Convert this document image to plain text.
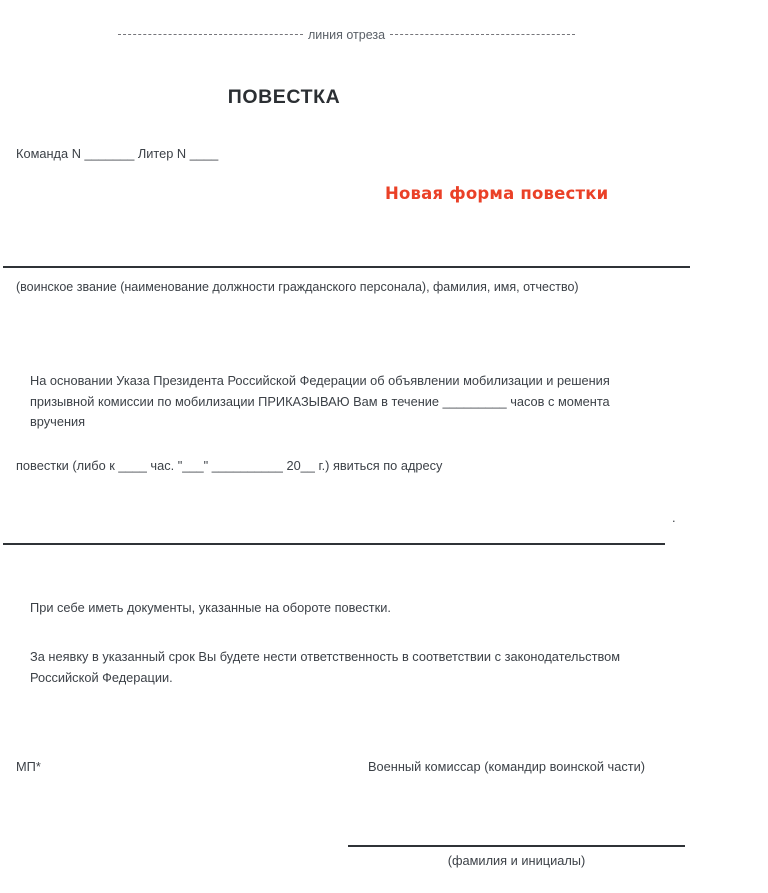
линия отреза
ПОВЕСТКА
Команда N _______ Литер N ____
Новая форма повестки
(воинское звание (наименование должности гражданского персонала), фамилия, имя, отчество)
На основании Указа Президента Российской Федерации об объявлении мобилизации и решения призывной комиссии по мобилизации ПРИКАЗЫВАЮ Вам в течение _________ часов с момента вручения
повестки (либо к ____ час. "___" __________ 20__ г.) явиться по адресу
.
При себе иметь документы, указанные на обороте повестки.
За неявку в указанный срок Вы будете нести ответственность в соответствии с законодательством Российской Федерации.
МП*	Военный комиссар (командир воинской части)
(фамилия и инициалы)
